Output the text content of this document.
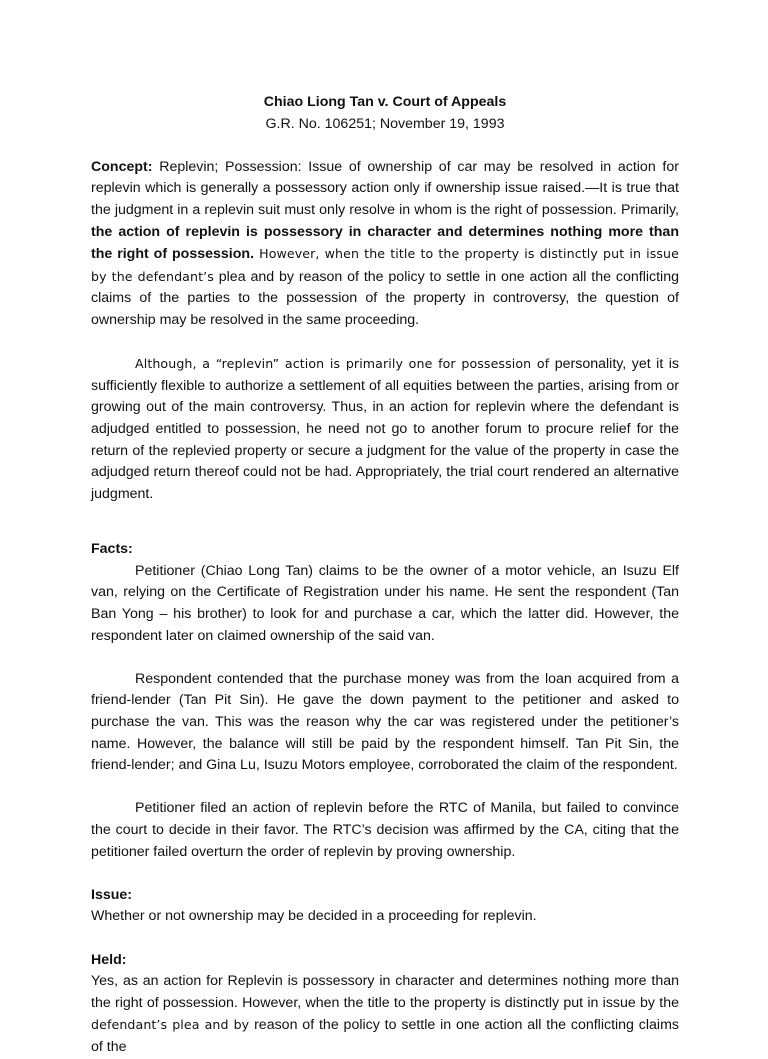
Chiao Liong Tan v. Court of Appeals

G.R. No. 106251; November 19, 1993

Concept: Replevin; Possession: Issue of ownership of car may be resolved in action for replevin which is generally a possessory action only if ownership issue raised.—It is true that the judgment in a replevin suit must only resolve in whom is the right of possession. Primarily, the action of replevin is possessory in character and determines nothing more than the right of possession. However, when the title to the property is distinctly put in issue by the defendant’s plea and by reason of the policy to settle in one action all the conflicting claims of the parties to the possession of the property in controversy, the question of ownership may be resolved in the same proceeding.

Although, a “replevin” action is primarily one for possession of personality, yet it is sufficiently flexible to authorize a settlement of all equities between the parties, arising from or growing out of the main controversy. Thus, in an action for replevin where the defendant is adjudged entitled to possession, he need not go to another forum to procure relief for the return of the replevied property or secure a judgment for the value of the property in case the adjudged return thereof could not be had. Appropriately, the trial court rendered an alternative judgment.

Facts:

Petitioner (Chiao Long Tan) claims to be the owner of a motor vehicle, an Isuzu Elf van, relying on the Certificate of Registration under his name. He sent the respondent (Tan Ban Yong – his brother) to look for and purchase a car, which the latter did. However, the respondent later on claimed ownership of the said van.

Respondent contended that the purchase money was from the loan acquired from a friend-lender (Tan Pit Sin). He gave the down payment to the petitioner and asked to purchase the van. This was the reason why the car was registered under the petitioner’s name. However, the balance will still be paid by the respondent himself. Tan Pit Sin, the friend-lender; and Gina Lu, Isuzu Motors employee, corroborated the claim of the respondent.

Petitioner filed an action of replevin before the RTC of Manila, but failed to convince the court to decide in their favor. The RTC’s decision was affirmed by the CA, citing that the petitioner failed overturn the order of replevin by proving ownership.

Issue:

Whether or not ownership may be decided in a proceeding for replevin.

Held:

Yes, as an action for Replevin is possessory in character and determines nothing more than the right of possession. However, when the title to the property is distinctly put in issue by the defendant’s plea and by reason of the policy to settle in one action all the conflicting claims of the
